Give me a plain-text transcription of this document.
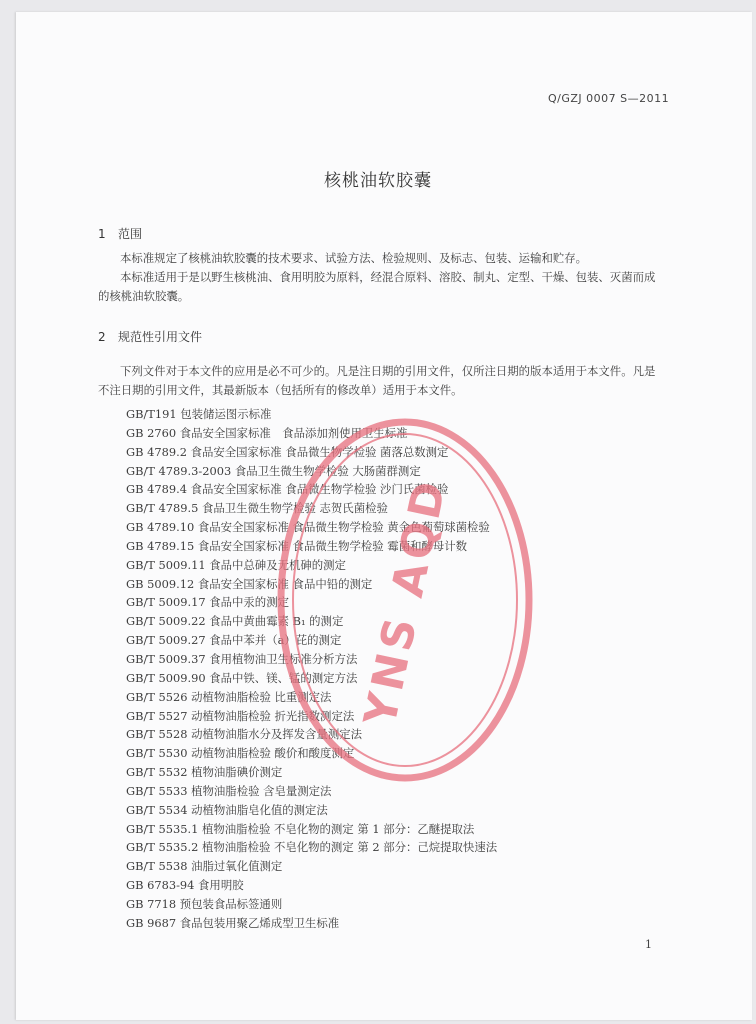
Q/GZJ 0007 S—2011
核桃油软胶囊
1 范围
本标准规定了核桃油软胶囊的技术要求、试验方法、检验规则、及标志、包装、运输和贮存。
本标准适用于是以野生核桃油、食用明胶为原料，经混合原料、溶胶、制丸、定型、干燥、包装、灭菌而成的核桃油软胶囊。
2 规范性引用文件
下列文件对于本文件的应用是必不可少的。凡是注日期的引用文件，仅所注日期的版本适用于本文件。凡是不注日期的引用文件，其最新版本（包括所有的修改单）适用于本文件。
GB/T191 包装储运图示标准
GB 2760 食品安全国家标准　食品添加剂使用卫生标准
GB 4789.2 食品安全国家标准 食品微生物学检验 菌落总数测定
GB/T 4789.3-2003 食品卫生微生物学检验 大肠菌群测定
GB 4789.4 食品安全国家标准 食品微生物学检验 沙门氏菌检验
GB/T 4789.5 食品卫生微生物学检验 志贺氏菌检验
GB 4789.10 食品安全国家标准 食品微生物学检验 黄金色葡萄球菌检验
GB 4789.15 食品安全国家标准 食品微生物学检验 霉菌和酵母计数
GB/T 5009.11 食品中总砷及无机砷的测定
GB 5009.12 食品安全国家标准 食品中铅的测定
GB/T 5009.17 食品中汞的测定
GB/T 5009.22 食品中黄曲霉素 B₁ 的测定
GB/T 5009.27 食品中苯并（a）芘的测定
GB/T 5009.37 食用植物油卫生标准分析方法
GB/T 5009.90 食品中铁、镁、锰的测定方法
GB/T 5526 动植物油脂检验 比重测定法
GB/T 5527 动植物油脂检验 折光指数测定法
GB/T 5528 动植物油脂水分及挥发含量测定法
GB/T 5530 动植物油脂检验 酸价和酸度测定
GB/T 5532 植物油脂碘价测定
GB/T 5533 植物油脂检验 含皂量测定法
GB/T 5534 动植物油脂皂化值的测定法
GB/T 5535.1 植物油脂检验 不皂化物的测定 第 1 部分：乙醚提取法
GB/T 5535.2 植物油脂检验 不皂化物的测定 第 2 部分：己烷提取快速法
GB/T 5538 油脂过氧化值测定
GB 6783-94 食用明胶
GB 7718 预包装食品标签通则
GB 9687 食品包装用聚乙烯成型卫生标准
YNS AQD
1
